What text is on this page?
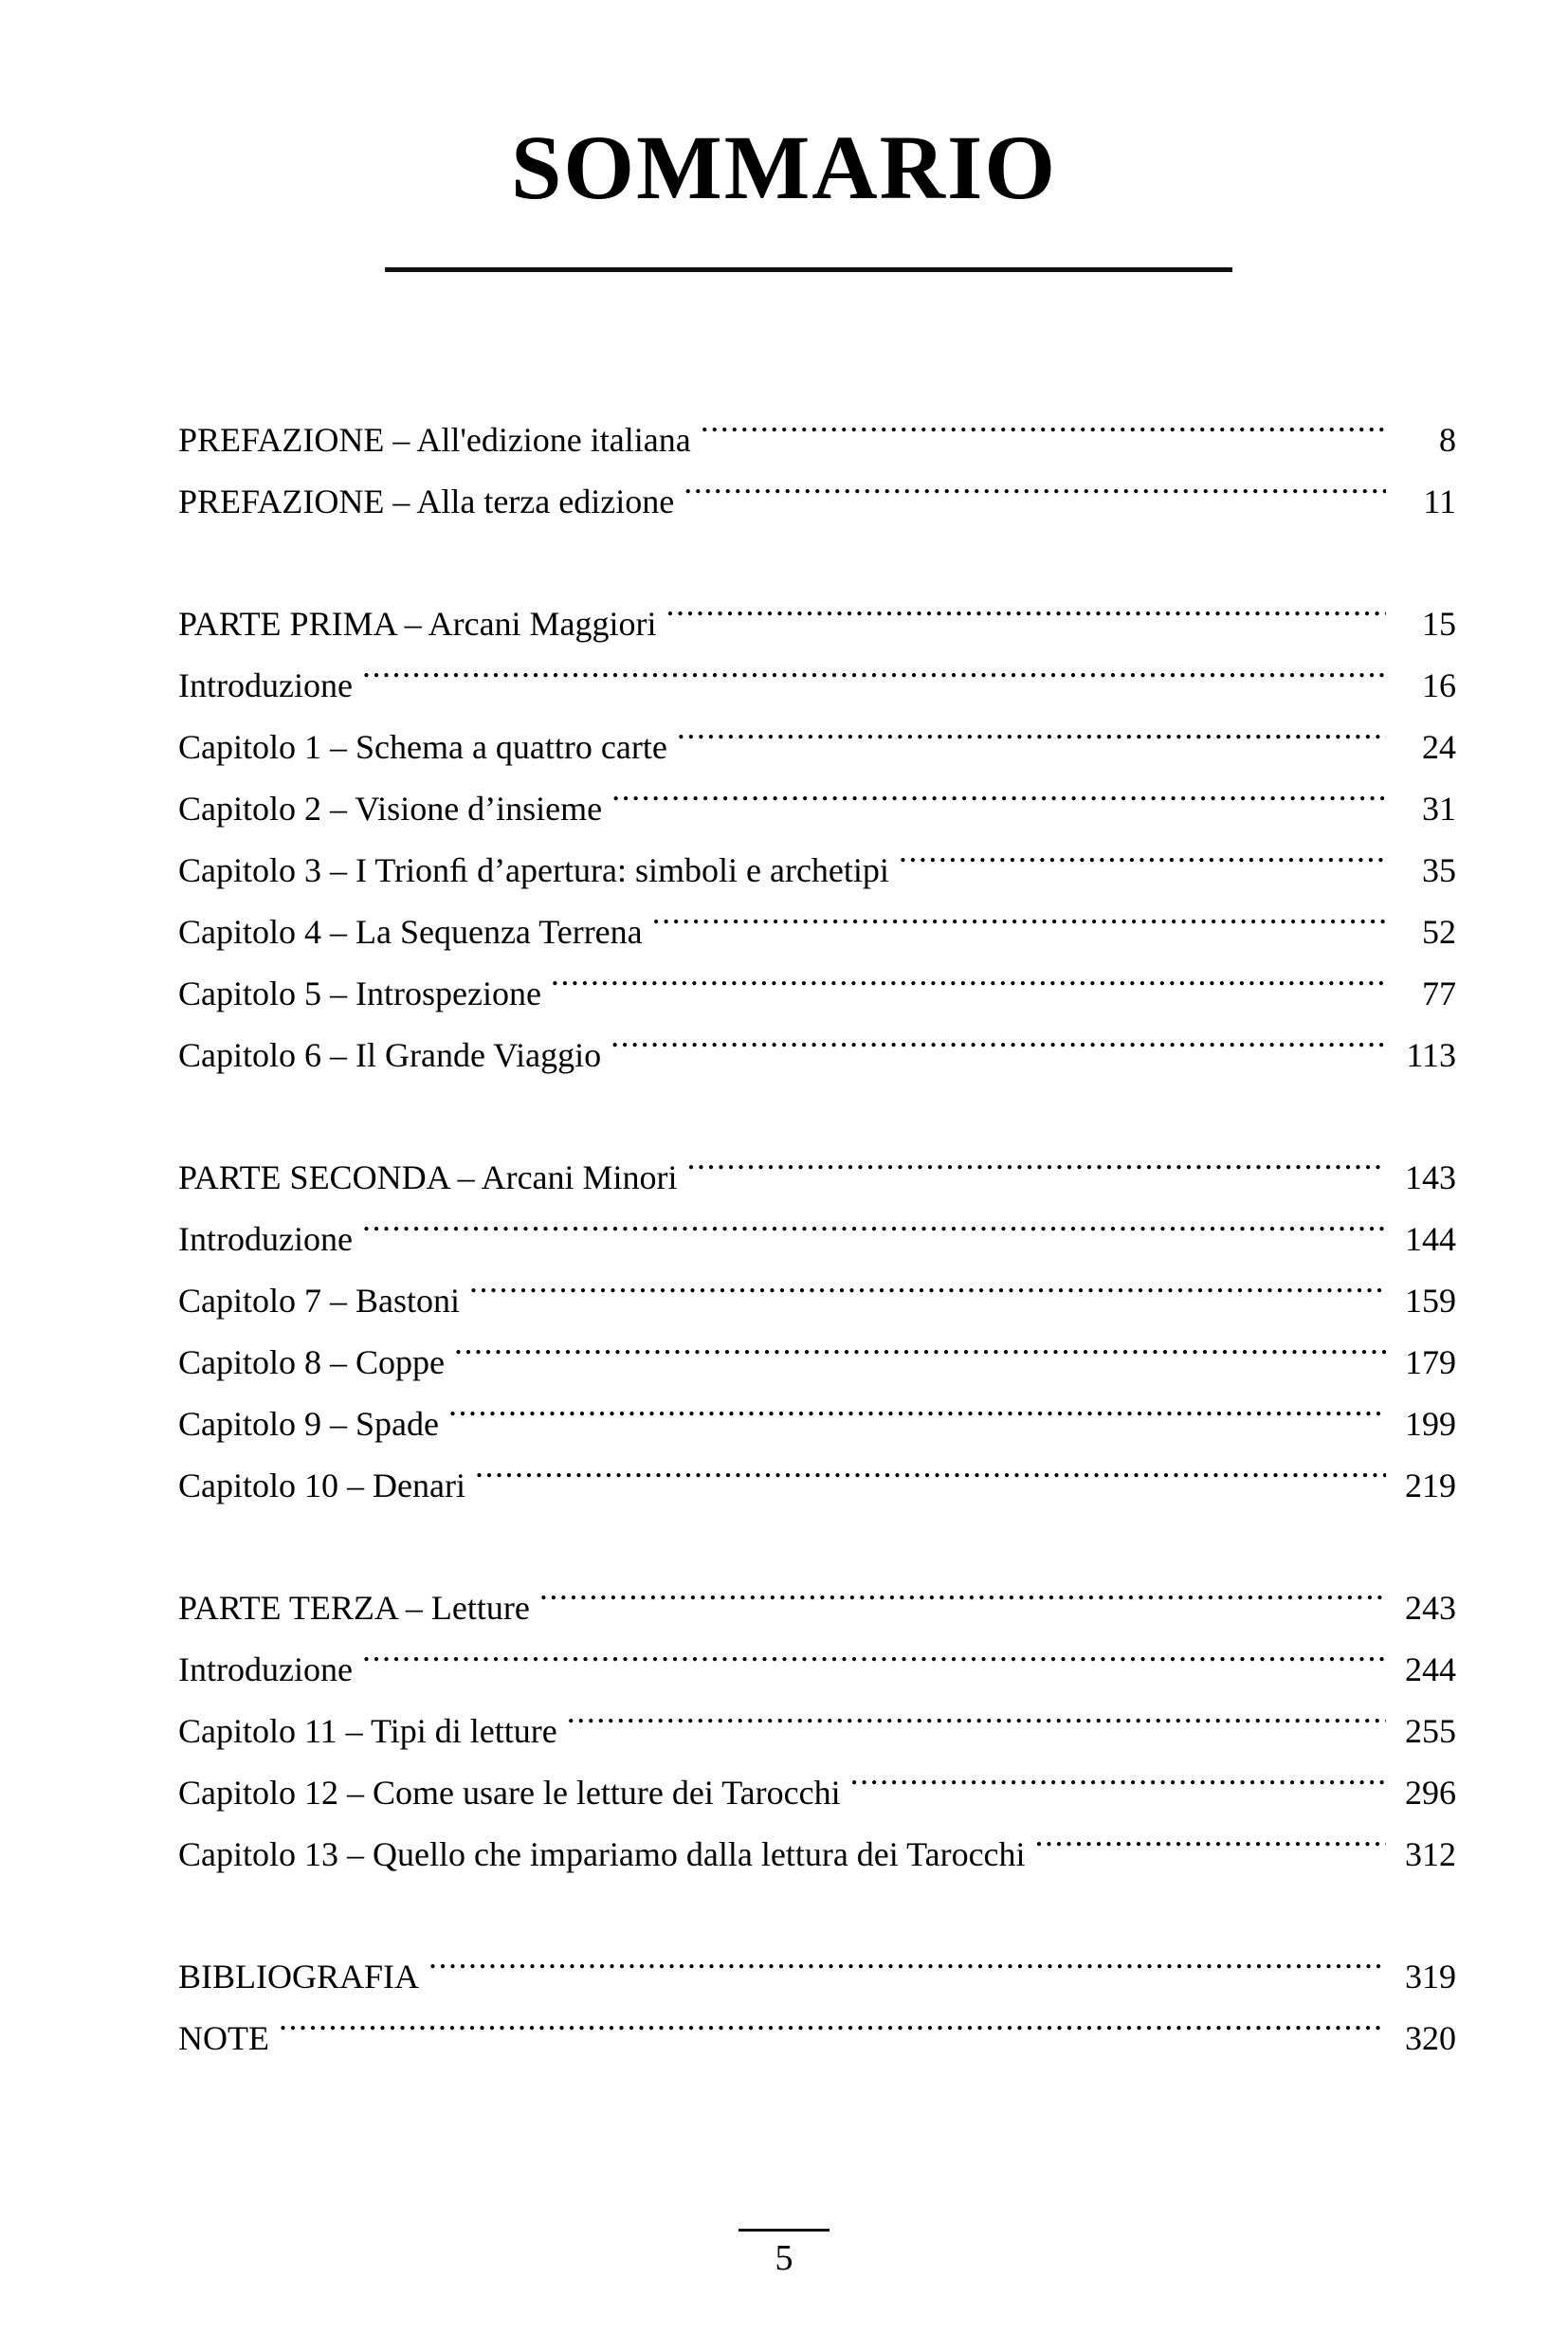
SOMMARIO
PREFAZIONE – All'edizione italiana .....	8
PREFAZIONE – Alla terza edizione .....	11
PARTE PRIMA – Arcani Maggiori .....	15
Introduzione .....	16
Capitolo 1 – Schema a quattro carte .....	24
Capitolo 2 – Visione d’insieme .....	31
Capitolo 3 – I Trionﬁ d’apertura: simboli e archetipi .....	35
Capitolo 4 – La Sequenza Terrena .....	52
Capitolo 5 – Introspezione .....	77
Capitolo 6 – Il Grande Viaggio .....	113
PARTE SECONDA – Arcani Minori .....	143
Introduzione .....	144
Capitolo 7 – Bastoni .....	159
Capitolo 8 – Coppe .....	179
Capitolo 9 – Spade .....	199
Capitolo 10 – Denari .....	219
PARTE TERZA – Letture .....	243
Introduzione .....	244
Capitolo 11 – Tipi di letture .....	255
Capitolo 12 – Come usare le letture dei Tarocchi .....	296
Capitolo 13 – Quello che impariamo dalla lettura dei Tarocchi .....	312
BIBLIOGRAFIA .....	319
NOTE .....	320
5
